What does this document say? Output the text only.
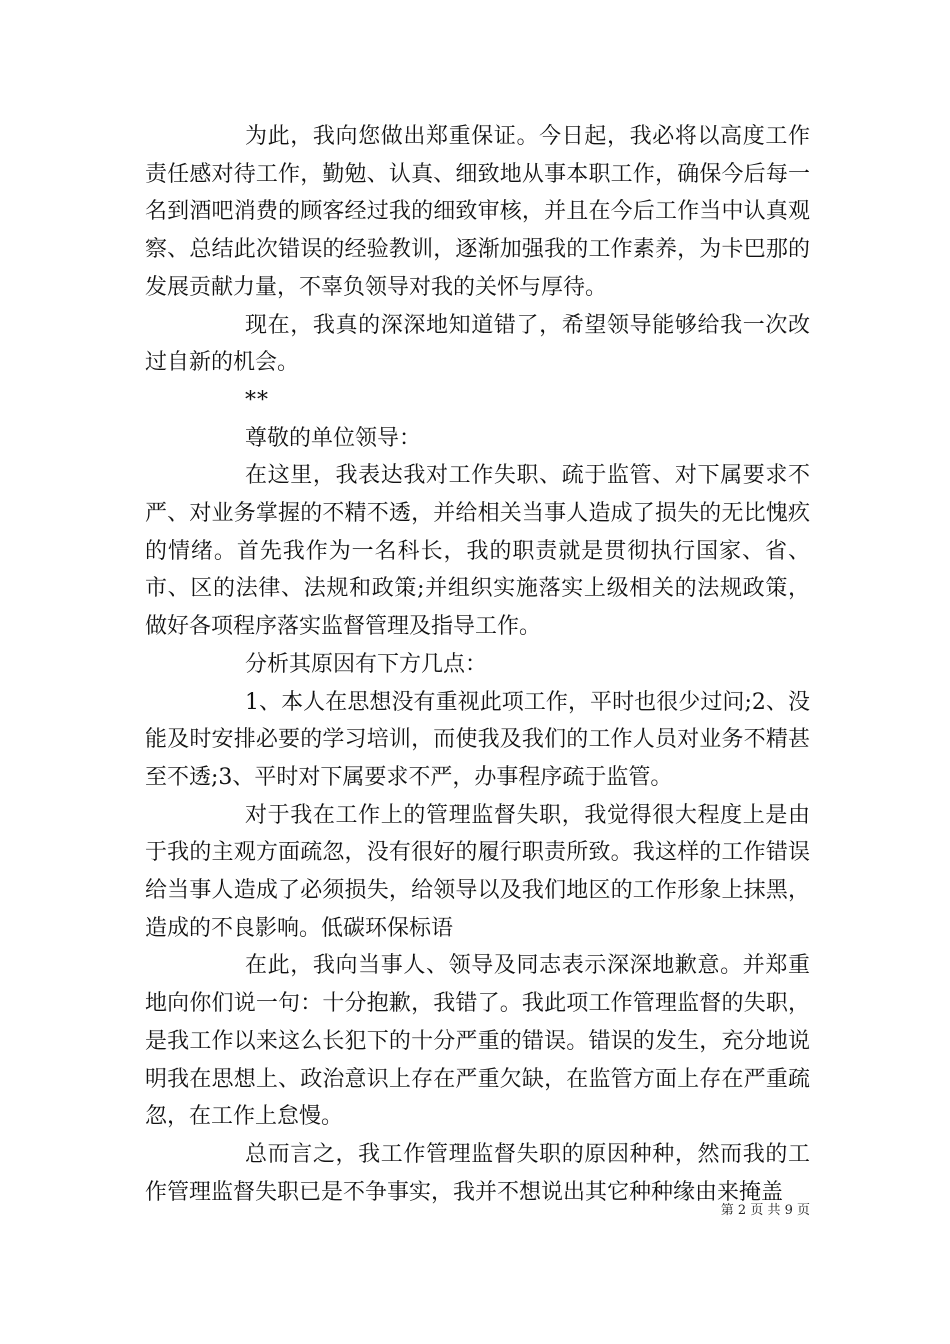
为此，我向您做出郑重保证。今日起，我必将以高度工作责任感对待工作，勤勉、认真、细致地从事本职工作，确保今后每一名到酒吧消费的顾客经过我的细致审核，并且在今后工作当中认真观察、总结此次错误的经验教训，逐渐加强我的工作素养，为卡巴那的发展贡献力量，不辜负领导对我的关怀与厚待。

现在，我真的深深地知道错了，希望领导能够给我一次改过自新的机会。

**

尊敬的单位领导：

在这里，我表达我对工作失职、疏于监管、对下属要求不严、对业务掌握的不精不透，并给相关当事人造成了损失的无比愧疚的情绪。首先我作为一名科长，我的职责就是贯彻执行国家、省、市、区的法律、法规和政策;并组织实施落实上级相关的法规政策，做好各项程序落实监督管理及指导工作。

分析其原因有下方几点：

1、本人在思想没有重视此项工作，平时也很少过问;2、没能及时安排必要的学习培训，而使我及我们的工作人员对业务不精甚至不透;3、平时对下属要求不严，办事程序疏于监管。

对于我在工作上的管理监督失职，我觉得很大程度上是由于我的主观方面疏忽，没有很好的履行职责所致。我这样的工作错误给当事人造成了必须损失，给领导以及我们地区的工作形象上抹黑，造成的不良影响。低碳环保标语

在此，我向当事人、领导及同志表示深深地歉意。并郑重地向你们说一句：十分抱歉，我错了。我此项工作管理监督的失职，是我工作以来这么长犯下的十分严重的错误。错误的发生，充分地说明我在思想上、政治意识上存在严重欠缺，在监管方面上存在严重疏忽，在工作上怠慢。

总而言之，我工作管理监督失职的原因种种，然而我的工作管理监督失职已是不争事实，我并不想说出其它种种缘由来掩盖

第 2 页 共 9 页
